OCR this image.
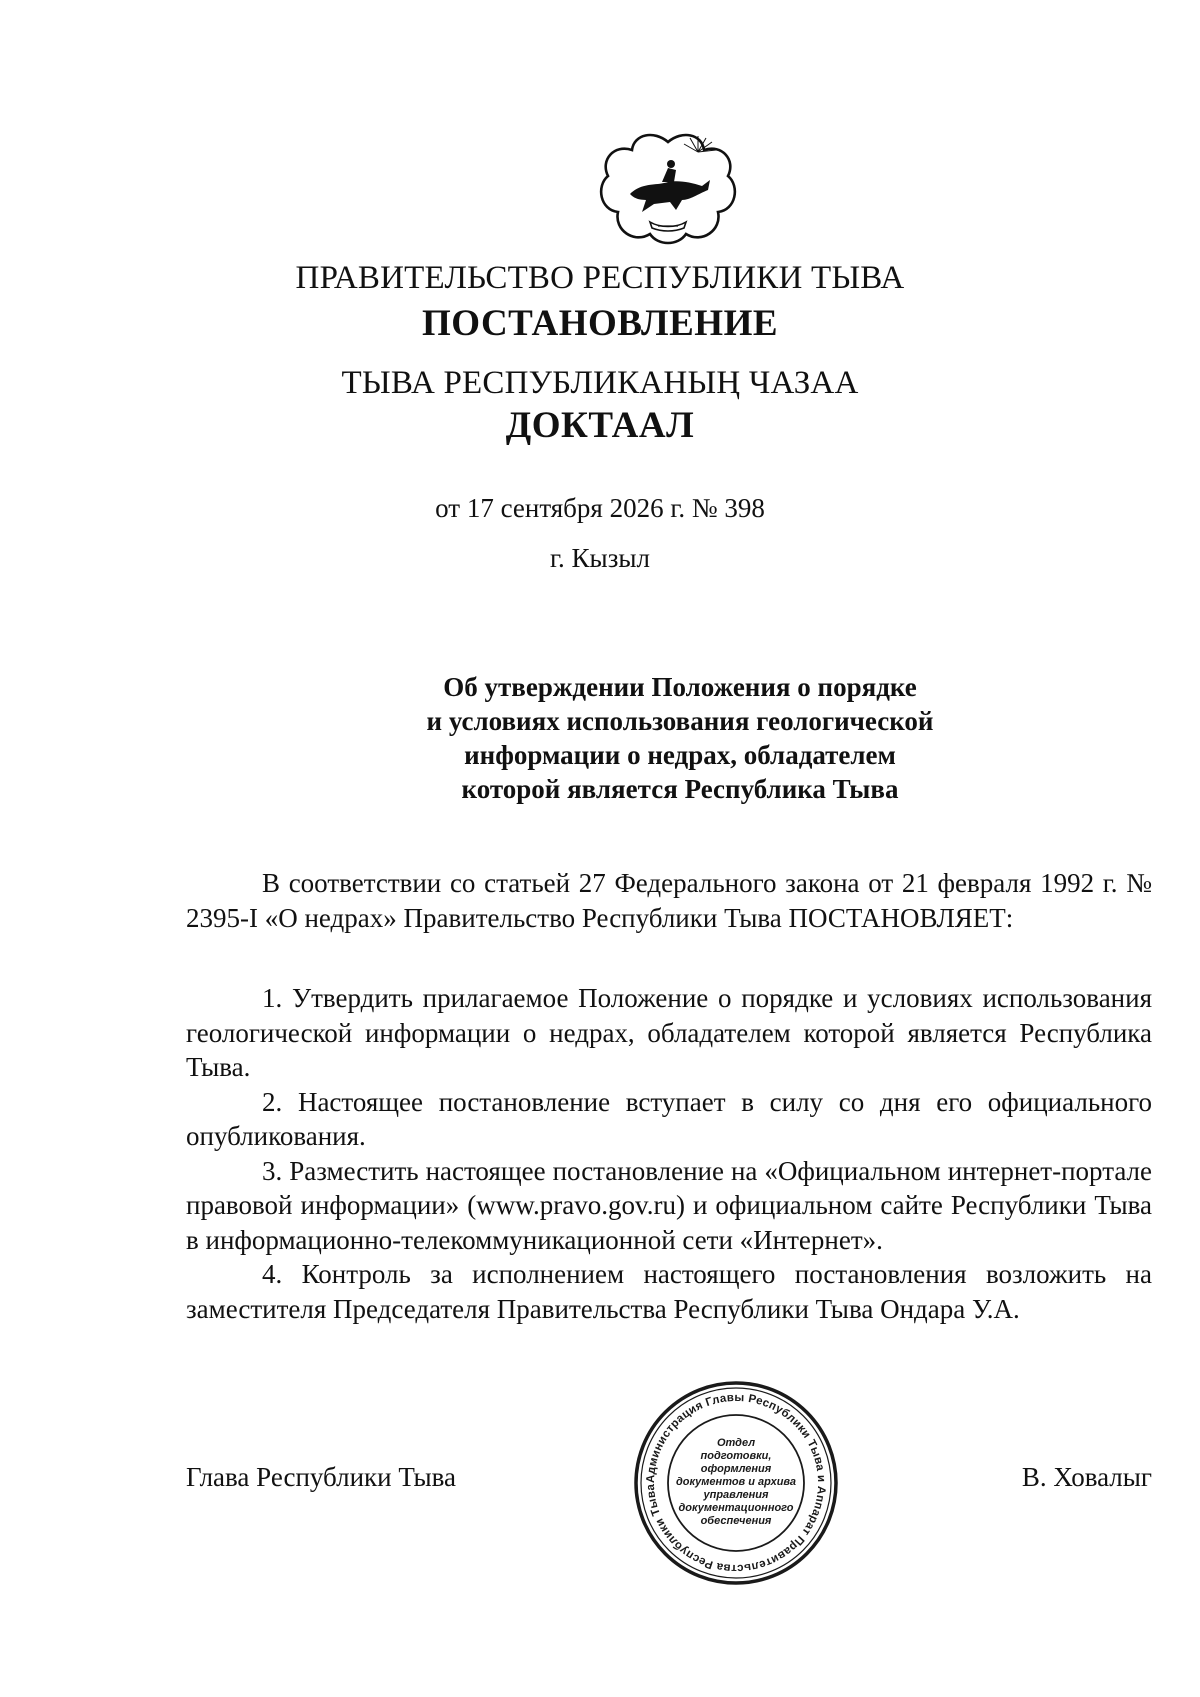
ПРАВИТЕЛЬСТВО РЕСПУБЛИКИ ТЫВА
ПОСТАНОВЛЕНИЕ
ТЫВА РЕСПУБЛИКАНЫҢ ЧАЗАА
ДОКТААЛ
от 17 сентября 2026 г. № 398
г. Кызыл
Об утверждении Положения о порядке
и условиях использования геологической
информации о недрах, обладателем
которой является Республика Тыва

В соответствии со статьей 27 Федерального закона от 21 февраля 1992 г. № 2395-I «О недрах» Правительство Республики Тыва ПОСТАНОВЛЯЕТ:

1. Утвердить прилагаемое Положение о порядке и условиях использования геологической информации о недрах, обладателем которой является Республика Тыва.

2. Настоящее постановление вступает в силу со дня его официального опубликования.

3. Разместить настоящее постановление на «Официальном интернет-портале правовой информации» (www.pravo.gov.ru) и официальном сайте Республики Тыва в информационно-телекоммуникационной сети «Интернет».

4. Контроль за исполнением настоящего постановления возложить на заместителя Председателя Правительства Республики Тыва Ондара У.А.

Глава Республики Тыва	В. Ховалыг
Администрация Главы Республики Тыва и Аппарат Правительства Республики Тыва
Отдел
подготовки,
оформления
документов и архива
управления
документационного
обеспечения
